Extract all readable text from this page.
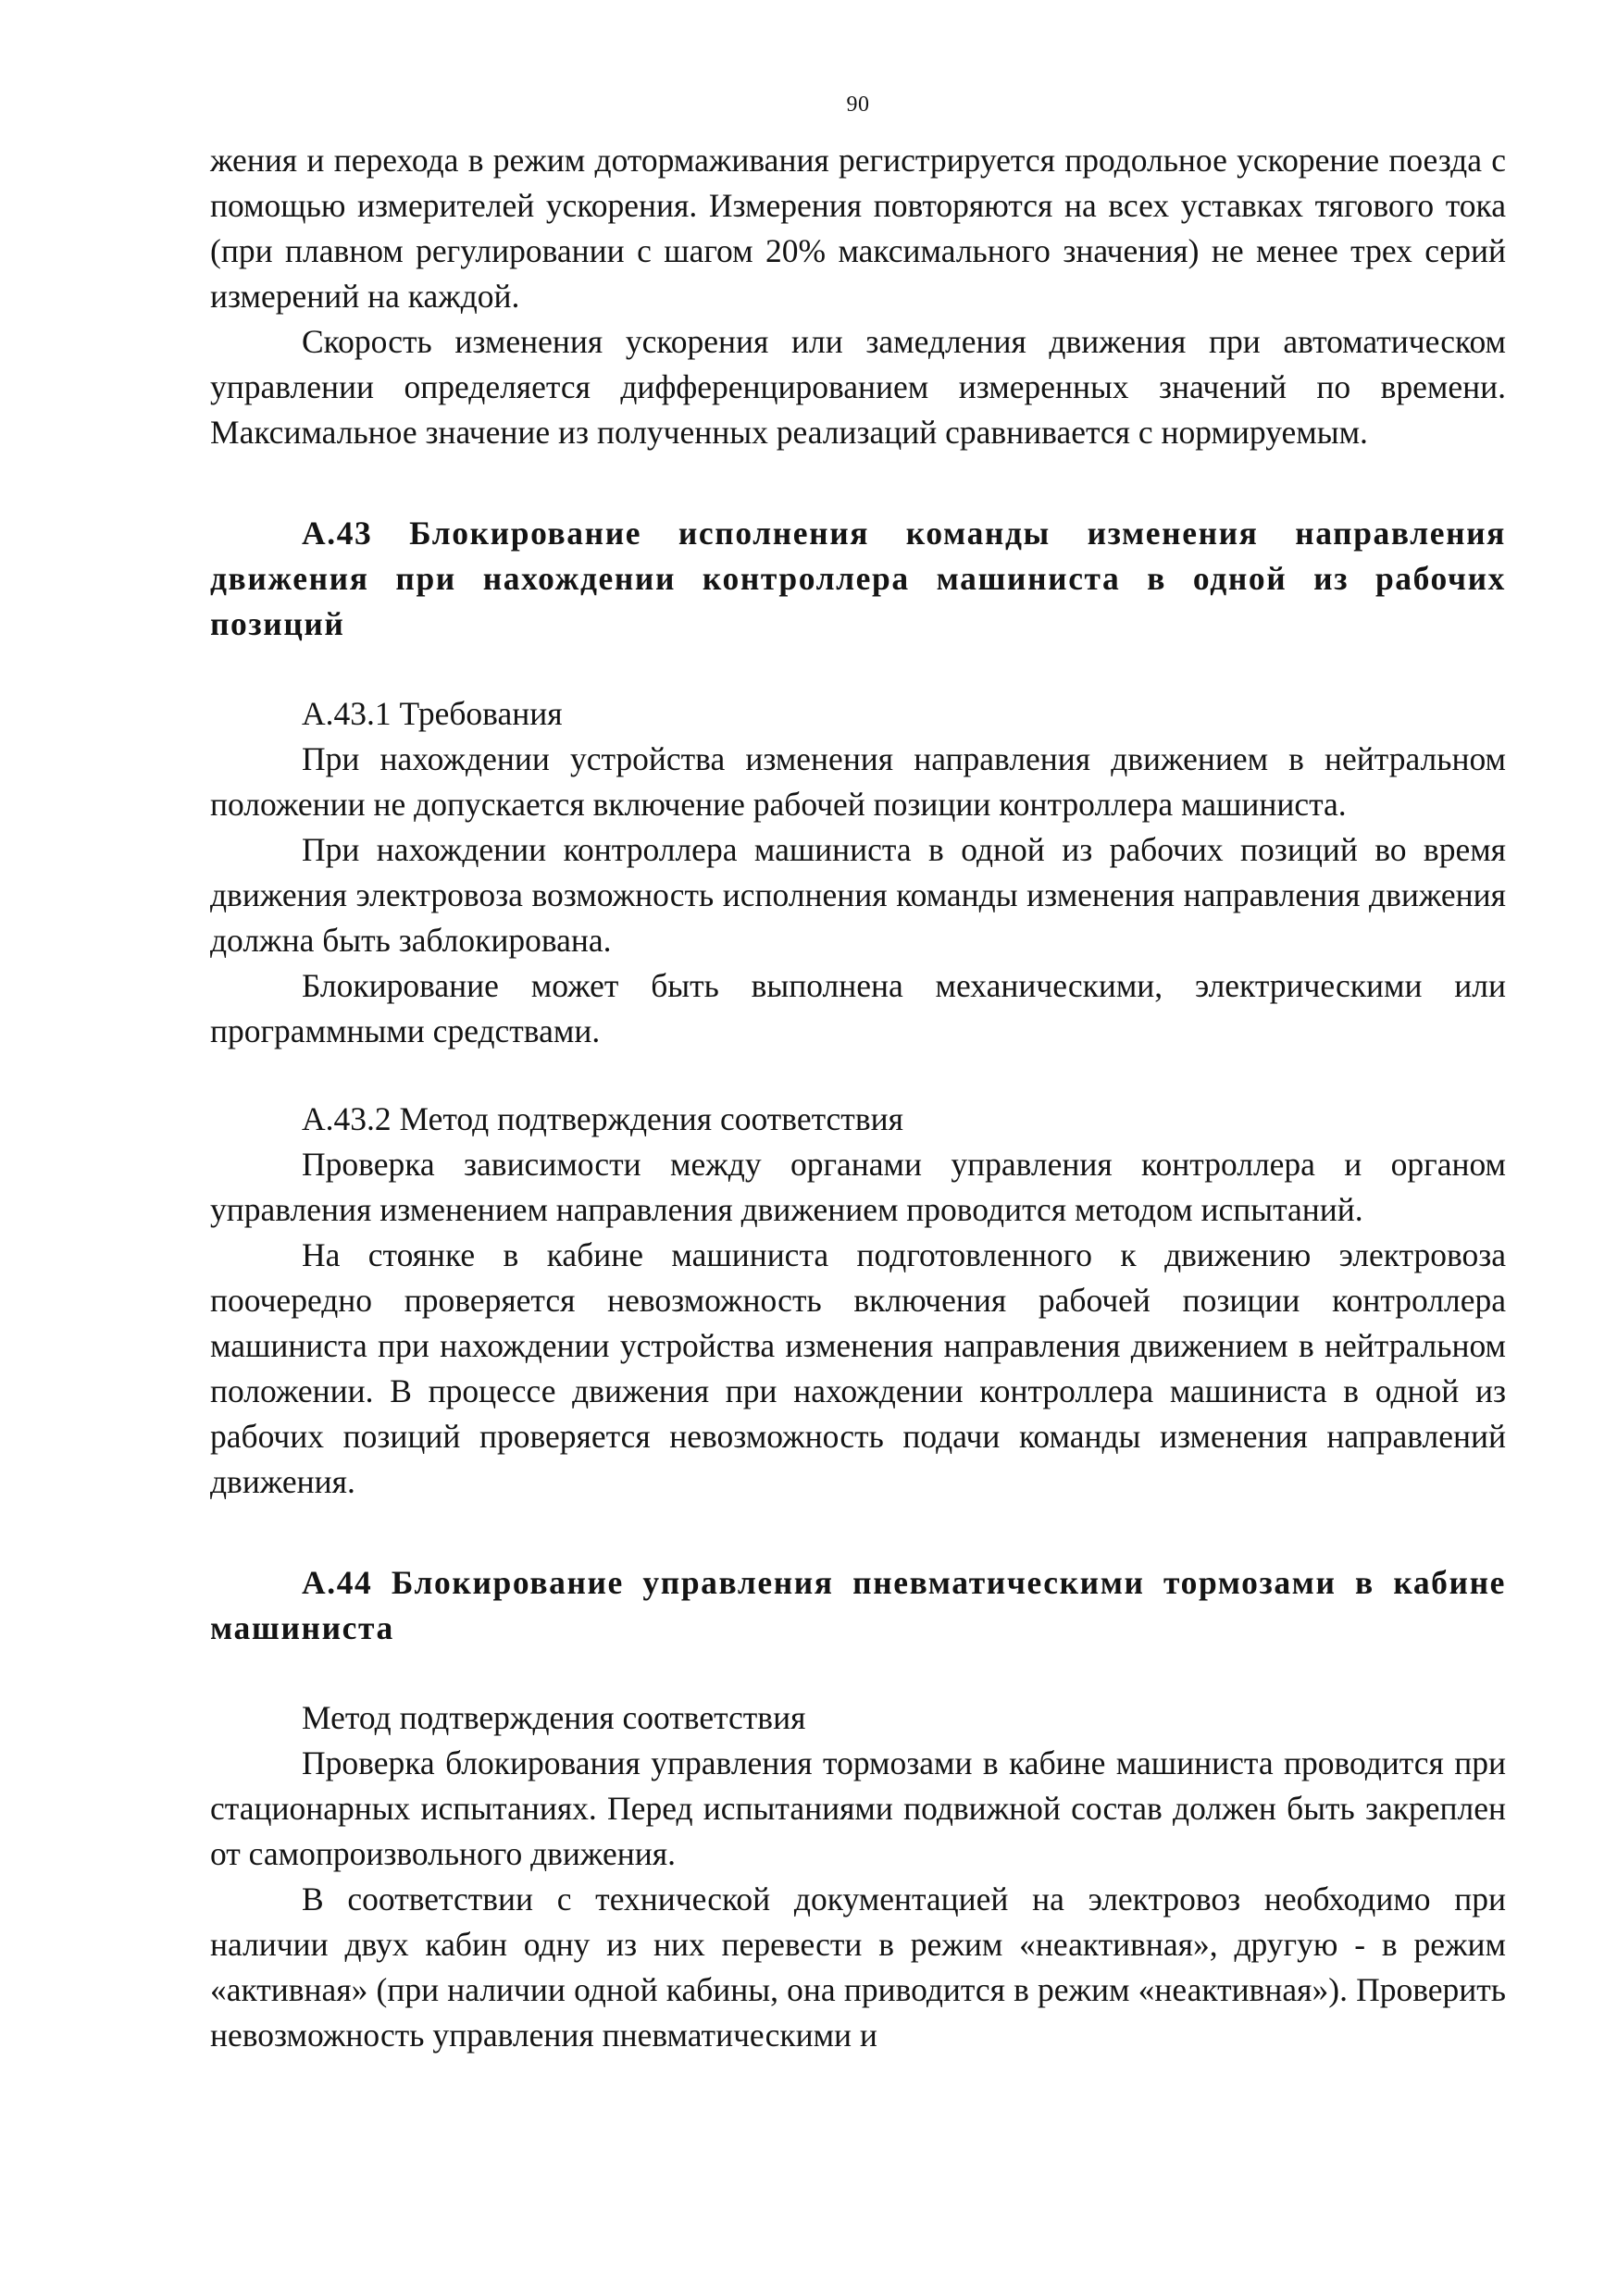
90

жения и перехода в режим дотормаживания регистрируется продольное ускорение поезда с помощью измерителей ускорения. Измерения повторяются на всех уставках тягового тока (при плавном регулировании с шагом 20% максимального значения) не менее трех серий измерений на каждой.

Скорость изменения ускорения или замедления движения при автоматическом управлении определяется дифференцированием измеренных значений по времени. Максимальное значение из полученных реализаций сравнивается с нормируемым.

А.43 Блокирование исполнения команды изменения направления движения при нахождении контроллера машиниста в одной из рабочих позиций

А.43.1 Требования

При нахождении устройства изменения направления движением в нейтральном положении не допускается включение рабочей позиции контроллера машиниста.

При нахождении контроллера машиниста в одной из рабочих позиций во время движения электровоза возможность исполнения команды изменения направления движения должна быть заблокирована.

Блокирование может быть выполнена механическими, электрическими или программными средствами.

А.43.2 Метод подтверждения соответствия

Проверка зависимости между органами управления контроллера и органом управления изменением направления движением проводится методом испытаний.

На стоянке в кабине машиниста подготовленного к движению электровоза поочередно проверяется невозможность включения рабочей позиции контроллера машиниста при нахождении устройства изменения направления движением в нейтральном положении. В процессе движения при нахождении контроллера машиниста в одной из рабочих позиций проверяется невозможность подачи команды изменения направлений движения.

А.44 Блокирование управления пневматическими тормозами в кабине машиниста

Метод подтверждения соответствия

Проверка блокирования управления тормозами в кабине машиниста проводится при стационарных испытаниях. Перед испытаниями подвижной состав должен быть закреплен от самопроизвольного движения.

В соответствии с технической документацией на электровоз необходимо при наличии двух кабин одну из них перевести в режим «неактивная», другую - в режим «активная» (при наличии одной кабины, она приводится в режим «неактивная»). Проверить невозможность управления пневматическими и
